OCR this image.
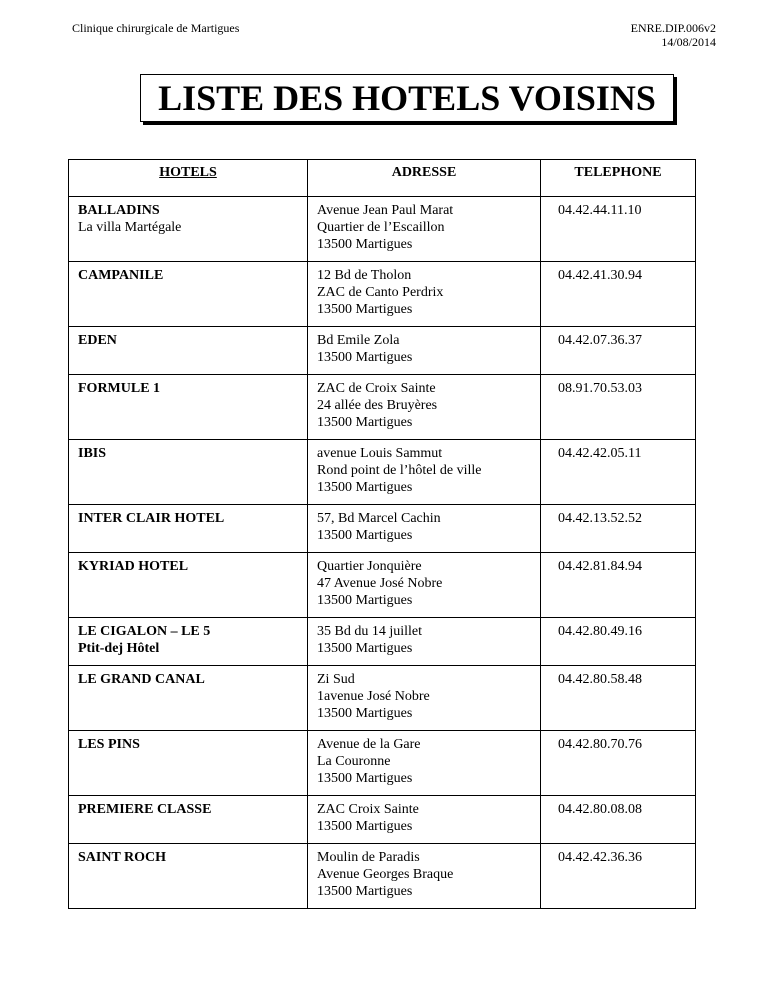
Clinique chirurgicale de Martigues	ENRE.DIP.006v2
14/08/2014
LISTE DES HOTELS VOISINS
HOTELS	ADRESSE	TELEPHONE

BALLADINS
La villa Martégale	Avenue Jean Paul Marat
Quartier de l’Escaillon
13500 Martigues	04.42.44.11.10

CAMPANILE	12 Bd de Tholon
ZAC de Canto Perdrix
13500 Martigues	04.42.41.30.94

EDEN	Bd Emile Zola
13500 Martigues	04.42.07.36.37

FORMULE 1	ZAC de Croix Sainte
24 allée des Bruyères
13500 Martigues	08.91.70.53.03

IBIS	avenue Louis Sammut
Rond point de l’hôtel de ville
13500 Martigues	04.42.42.05.11

INTER CLAIR HOTEL	57, Bd Marcel Cachin
13500 Martigues	04.42.13.52.52

KYRIAD HOTEL	Quartier Jonquière
47 Avenue José Nobre
13500 Martigues	04.42.81.84.94

LE CIGALON – LE 5
Ptit-dej Hôtel	35 Bd du 14 juillet
13500 Martigues	04.42.80.49.16

LE GRAND CANAL	Zi Sud
1avenue José Nobre
13500 Martigues	04.42.80.58.48

LES PINS	Avenue de la Gare
La Couronne
13500 Martigues	04.42.80.70.76

PREMIERE CLASSE	ZAC Croix Sainte
13500 Martigues	04.42.80.08.08

SAINT ROCH	Moulin de Paradis
Avenue Georges Braque
13500 Martigues	04.42.42.36.36
